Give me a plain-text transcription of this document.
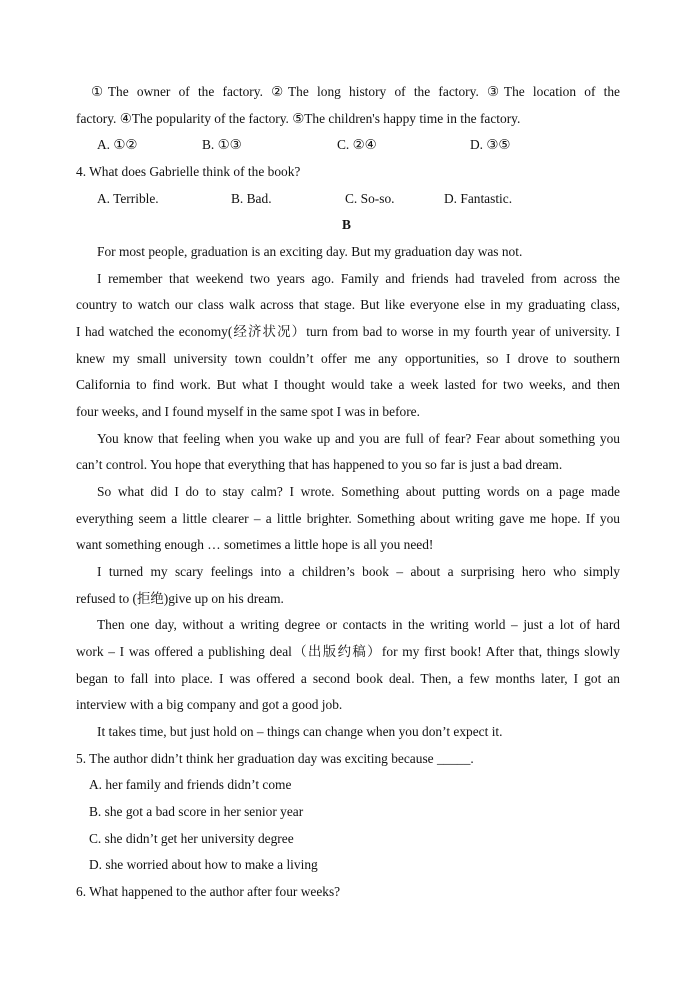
①The owner of the factory. ②The long history of the factory. ③The location of the
factory. ④The popularity of the factory. ⑤The children's happy time in the factory.
A. ①②	B. ①③	C. ②④	D. ③⑤
4. What does Gabrielle think of the book?
A. Terrible.	B. Bad.	C. So-so.	D. Fantastic.
B
For most people, graduation is an exciting day. But my graduation day was not.
I remember that weekend two years ago. Family and friends had traveled from across the
country to watch our class walk across that stage. But like everyone else in my graduating class,
I had watched the economy(经济状况）turn from bad to worse in my fourth year of university. I
knew my small university town couldn’t offer me any opportunities, so I drove to southern
California to find work. But what I thought would take a week lasted for two weeks, and then
four weeks, and I found myself in the same spot I was in before.
You know that feeling when you wake up and you are full of fear? Fear about something you
can’t control. You hope that everything that has happened to you so far is just a bad dream.
So what did I do to stay calm? I wrote. Something about putting words on a page made
everything seem a little clearer – a little brighter. Something about writing gave me hope. If you
want something enough … sometimes a little hope is all you need!
I turned my scary feelings into a children’s book – about a surprising hero who simply
refused to (拒绝)give up on his dream.
Then one day, without a writing degree or contacts in the writing world – just a lot of hard
work – I was offered a publishing deal（出版约稿）for my first book! After that, things slowly
began to fall into place. I was offered a second book deal. Then, a few months later, I got an
interview with a big company and got a good job.
It takes time, but just hold on – things can change when you don’t expect it.
5. The author didn’t think her graduation day was exciting because _____.
A. her family and friends didn’t come
B. she got a bad score in her senior year
C. she didn’t get her university degree
D. she worried about how to make a living
6. What happened to the author after four weeks?
